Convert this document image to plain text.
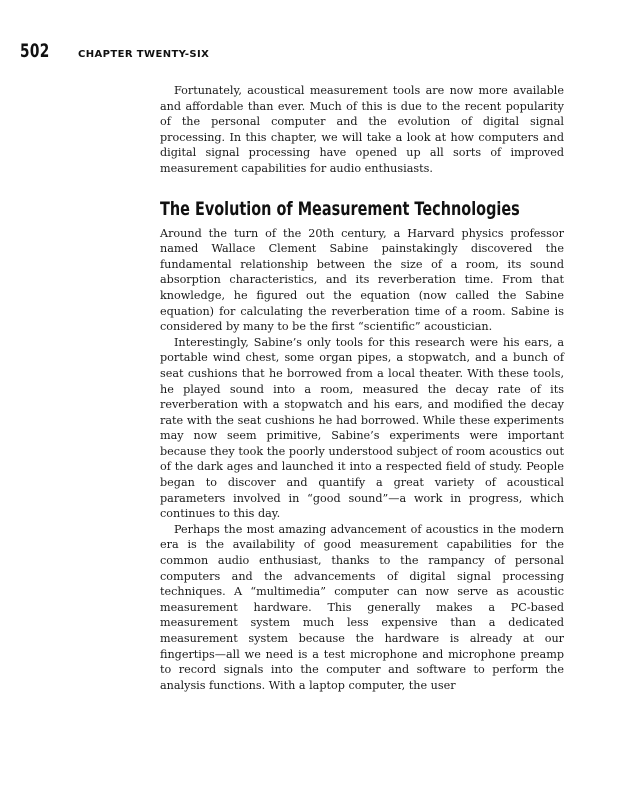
502	CHAPTER TWENTY-SIX

Fortunately, acoustical measurement tools are now more available and affordable than ever. Much of this is due to the recent popularity of the personal computer and the evolution of digital signal processing. In this chapter, we will take a look at how computers and digital signal processing have opened up all sorts of improved measurement capabilities for audio enthusiasts.

The Evolution of Measurement Technologies

Around the turn of the 20th century, a Harvard physics professor named Wallace Clement Sabine painstakingly discovered the fundamental relationship between the size of a room, its sound absorption characteristics, and its reverberation time. From that knowledge, he figured out the equation (now called the Sabine equation) for calculating the reverberation time of a room. Sabine is considered by many to be the first “scientific” acoustician.

Interestingly, Sabine’s only tools for this research were his ears, a portable wind chest, some organ pipes, a stopwatch, and a bunch of seat cushions that he borrowed from a local theater. With these tools, he played sound into a room, measured the decay rate of its reverberation with a stopwatch and his ears, and modified the decay rate with the seat cushions he had borrowed. While these experiments may now seem primitive, Sabine’s experiments were important because they took the poorly understood subject of room acoustics out of the dark ages and launched it into a respected field of study. People began to discover and quantify a great variety of acoustical parameters involved in “good sound”—a work in progress, which continues to this day.

Perhaps the most amazing advancement of acoustics in the modern era is the availability of good measurement capabilities for the common audio enthusiast, thanks to the rampancy of personal computers and the advancements of digital signal processing techniques. A “multimedia” computer can now serve as acoustic measurement hardware. This generally makes a PC-based measurement system much less expensive than a dedicated measurement system because the hardware is already at our fingertips—all we need is a test microphone and microphone preamp to record signals into the computer and software to perform the analysis functions. With a laptop computer, the user
